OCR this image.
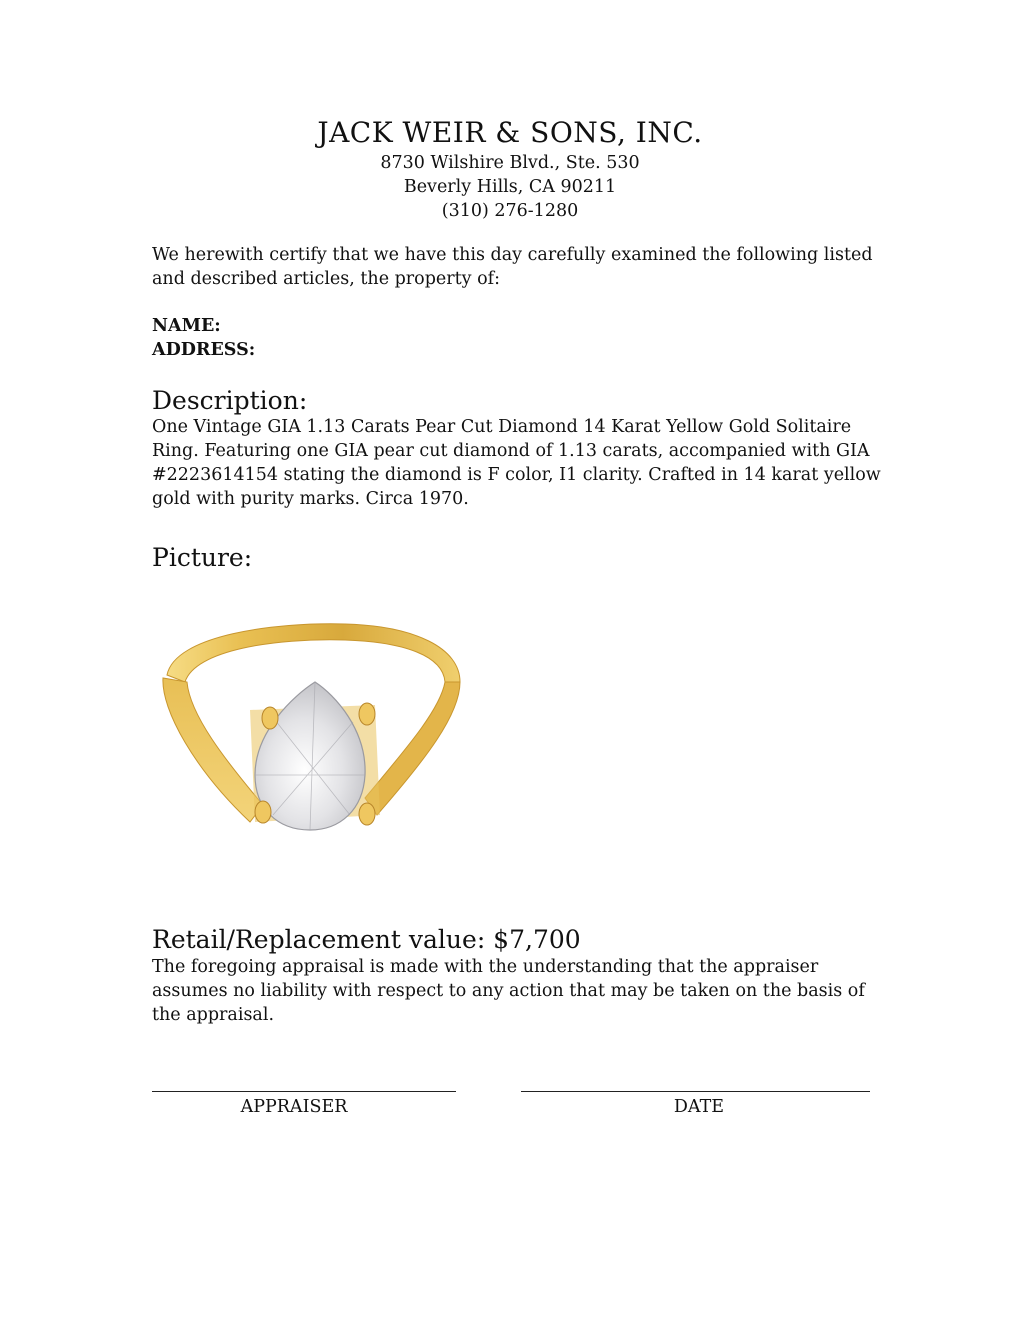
JACK WEIR & SONS, INC.
8730 Wilshire Blvd., Ste. 530
Beverly Hills, CA 90211
(310) 276-1280
We herewith certify that we have this day carefully examined the following listed and described articles, the property of:
NAME:
ADDRESS:
Description:
One Vintage GIA 1.13 Carats Pear Cut Diamond 14 Karat Yellow Gold Solitaire Ring. Featuring one GIA pear cut diamond of 1.13 carats, accompanied with GIA #2223614154 stating the diamond is F color, I1 clarity. Crafted in 14 karat yellow gold with purity marks. Circa 1970.
Picture:
Retail/Replacement value: $7,700
The foregoing appraisal is made with the understanding that the appraiser assumes no liability with respect to any action that may be taken on the basis of the appraisal.
APPRAISER	DATE
